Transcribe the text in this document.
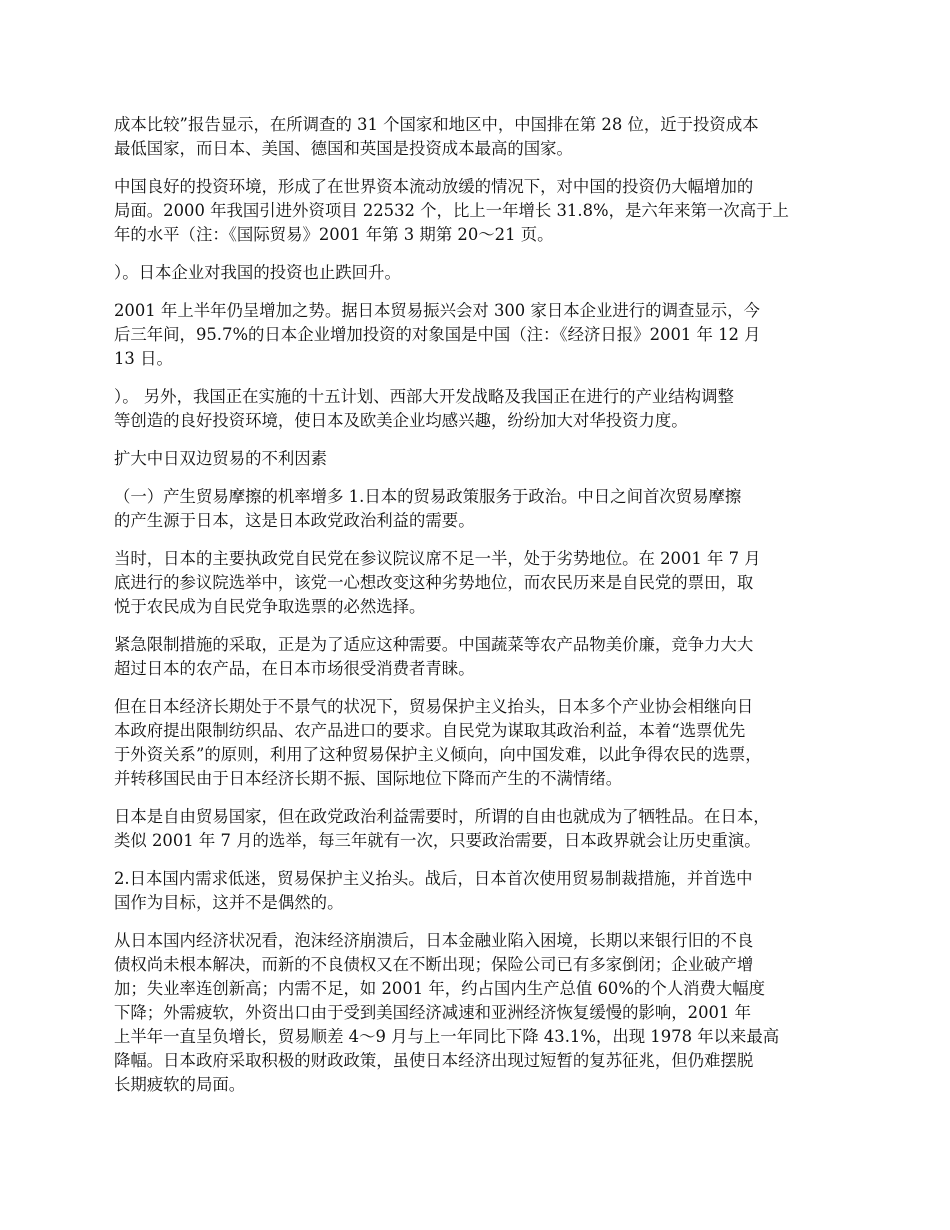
成本比较”报告显示，在所调查的 31 个国家和地区中，中国排在第 28 位，近于投资成本
最低国家，而日本、美国、德国和英国是投资成本最高的国家。

中国良好的投资环境，形成了在世界资本流动放缓的情况下，对中国的投资仍大幅增加的
局面。2000 年我国引进外资项目 22532 个，比上一年增长 31.8%，是六年来第一次高于上
年的水平（注：《国际贸易》2001 年第 3 期第 20～21 页。

）。日本企业对我国的投资也止跌回升。

2001 年上半年仍呈增加之势。据日本贸易振兴会对 300 家日本企业进行的调查显示，今
后三年间，95.7%的日本企业增加投资的对象国是中国（注：《经济日报》2001 年 12 月
13 日。

）。 另外，我国正在实施的十五计划、西部大开发战略及我国正在进行的产业结构调整
等创造的良好投资环境，使日本及欧美企业均感兴趣，纷纷加大对华投资力度。

扩大中日双边贸易的不利因素

（一）产生贸易摩擦的机率增多 1.日本的贸易政策服务于政治。中日之间首次贸易摩擦
的产生源于日本，这是日本政党政治利益的需要。

当时，日本的主要执政党自民党在参议院议席不足一半，处于劣势地位。在 2001 年 7 月
底进行的参议院选举中，该党一心想改变这种劣势地位，而农民历来是自民党的票田，取
悦于农民成为自民党争取选票的必然选择。

紧急限制措施的采取，正是为了适应这种需要。中国蔬菜等农产品物美价廉，竞争力大大
超过日本的农产品，在日本市场很受消费者青睐。

但在日本经济长期处于不景气的状况下，贸易保护主义抬头，日本多个产业协会相继向日
本政府提出限制纺织品、农产品进口的要求。自民党为谋取其政治利益，本着“选票优先
于外资关系”的原则，利用了这种贸易保护主义倾向，向中国发难，以此争得农民的选票，
并转移国民由于日本经济长期不振、国际地位下降而产生的不满情绪。

日本是自由贸易国家，但在政党政治利益需要时，所谓的自由也就成为了牺牲品。在日本，
类似 2001 年 7 月的选举，每三年就有一次，只要政治需要，日本政界就会让历史重演。

2.日本国内需求低迷，贸易保护主义抬头。战后，日本首次使用贸易制裁措施，并首选中
国作为目标，这并不是偶然的。

从日本国内经济状况看，泡沫经济崩溃后，日本金融业陷入困境，长期以来银行旧的不良
债权尚未根本解决，而新的不良债权又在不断出现；保险公司已有多家倒闭；企业破产增
加；失业率连创新高；内需不足，如 2001 年，约占国内生产总值 60%的个人消费大幅度
下降；外需疲软，外资出口由于受到美国经济减速和亚洲经济恢复缓慢的影响，2001 年
上半年一直呈负增长，贸易顺差 4～9 月与上一年同比下降 43.1%，出现 1978 年以来最高
降幅。日本政府采取积极的财政政策，虽使日本经济出现过短暂的复苏征兆，但仍难摆脱
长期疲软的局面。
